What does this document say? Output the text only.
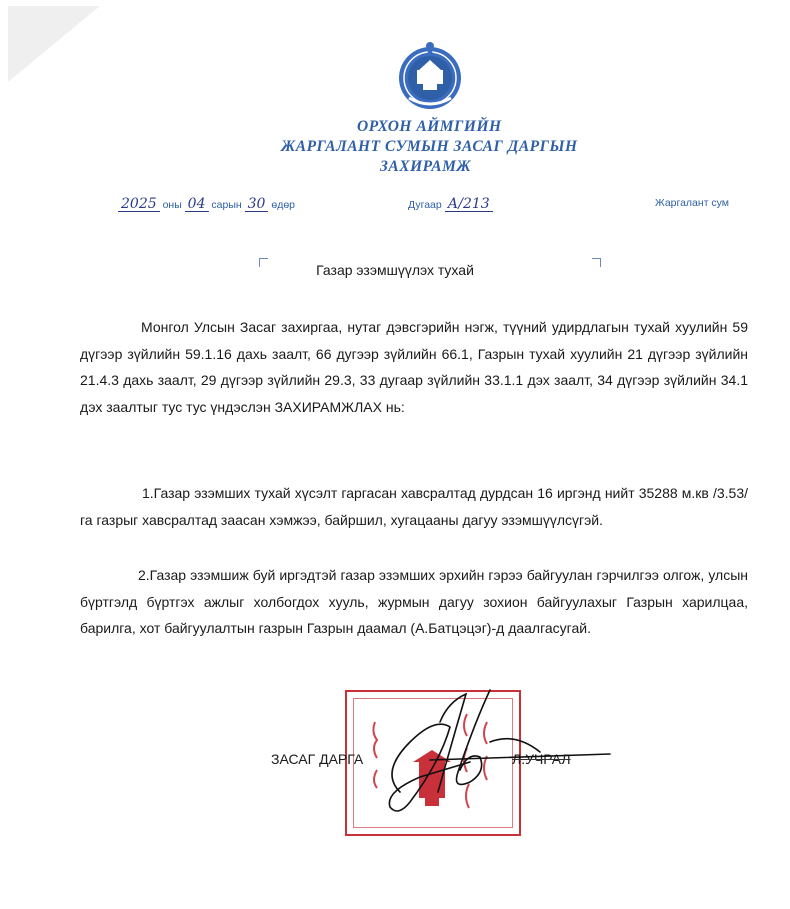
ОРХОН АЙМГИЙН
ЖАРГАЛАНТ СУМЫН ЗАСАГ ДАРГЫН
ЗАХИРАМЖ
2025 оны 04 сарын 30 өдөр	Дугаар А/213	Жаргалант сум
Газар эзэмшүүлэх тухай
Монгол Улсын Засаг захиргаа, нутаг дэвсгэрийн нэгж, түүний удирдлагын тухай хуулийн 59 дүгээр зүйлийн 59.1.16 дахь заалт, 66 дугээр зүйлийн 66.1, Газрын тухай хуулийн 21 дүгээр зүйлийн 21.4.3 дахь заалт, 29 дүгээр зүйлийн 29.3, 33 дугаар зүйлийн 33.1.1 дэх заалт, 34 дүгээр зүйлийн 34.1 дэх заалтыг тус тус үндэслэн ЗАХИРАМЖЛАХ нь:
1.Газар эзэмших тухай хүсэлт гаргасан хавсралтад дурдсан 16 иргэнд нийт 35288 м.кв /3.53/га газрыг хавсралтад заасан хэмжээ, байршил, хугацааны дагуу эзэмшүүлсүгэй.
2.Газар эзэмшиж буй иргэдтэй газар эзэмших эрхийн гэрээ байгуулан гэрчилгээ олгож, улсын бүртгэлд бүртгэх ажлыг холбогдох хууль, журмын дагуу зохион байгуулахыг Газрын харилцаа, барилга, хот байгуулалтын газрын Газрын даамал (А.Батцэцэг)-д даалгасугай.
ЗАСАГ ДАРГА	Л.УЧРАЛ
